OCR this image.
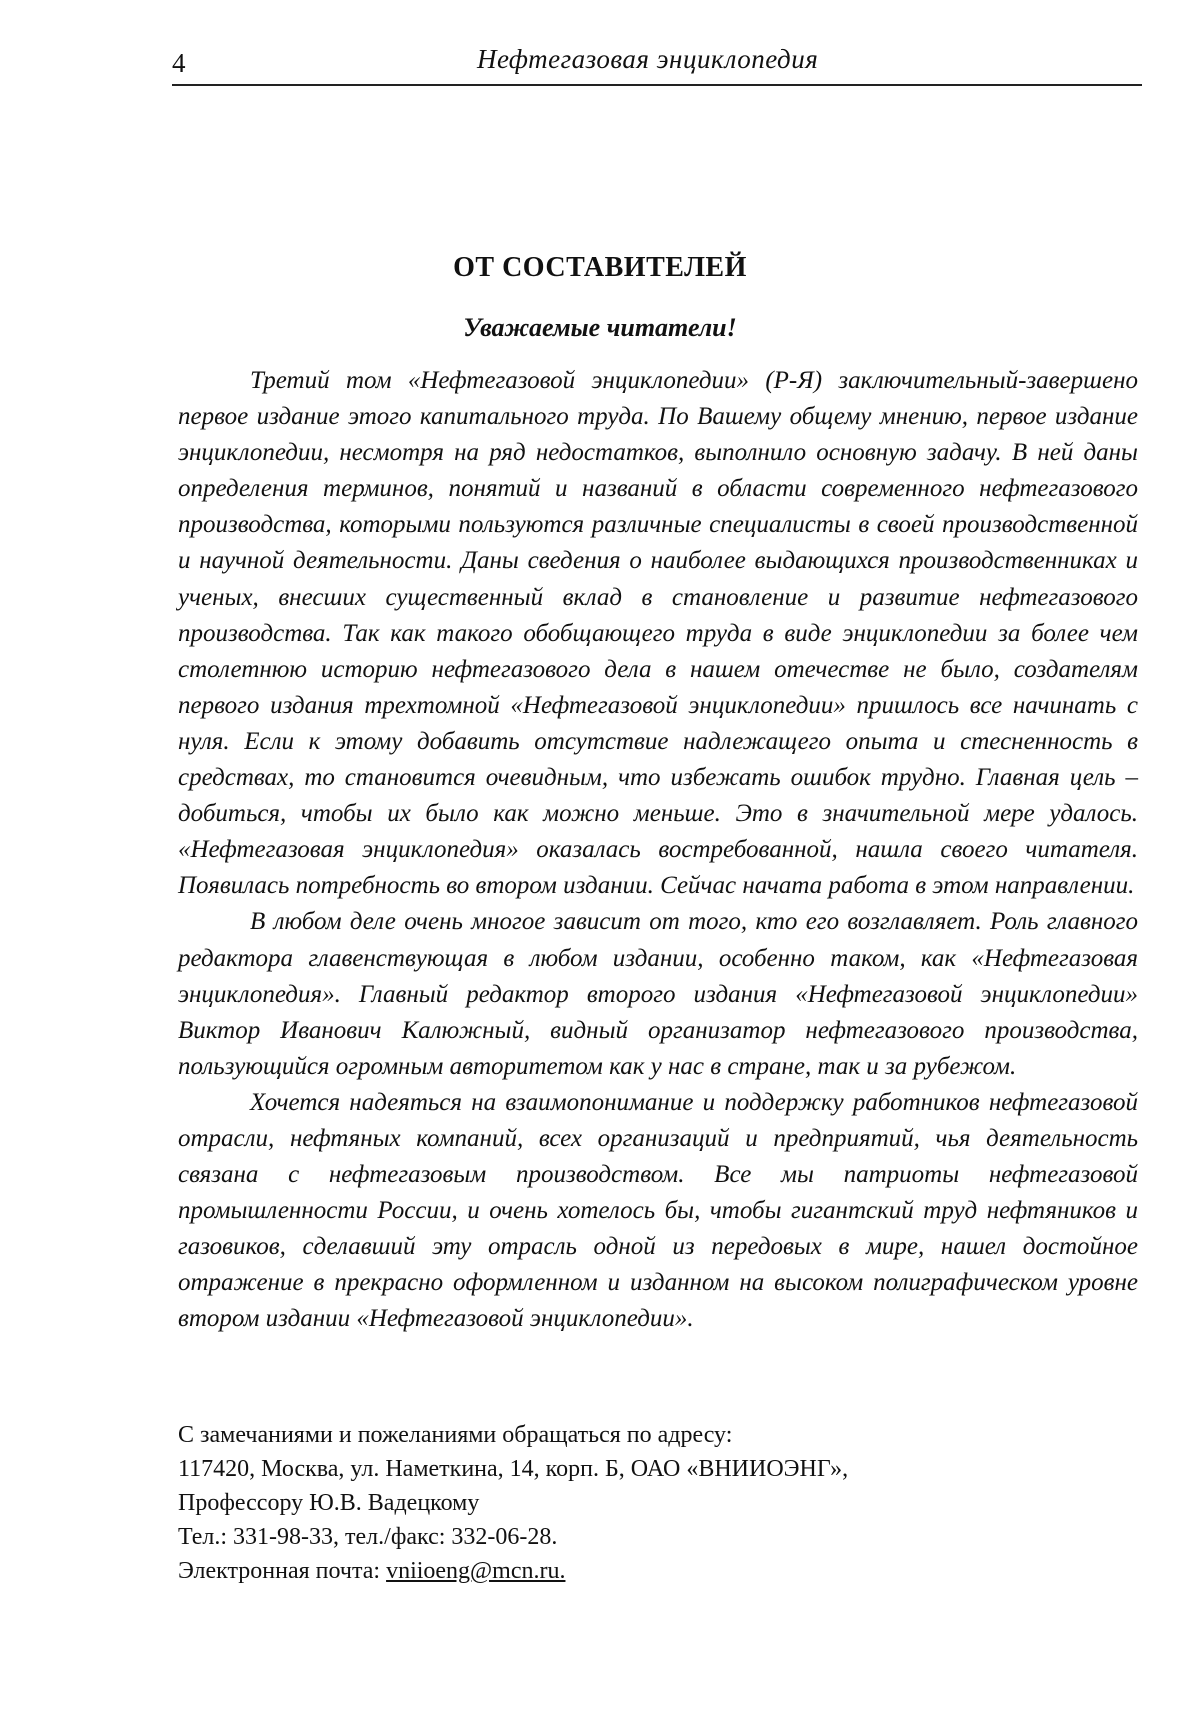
4	Нефтегазовая энциклопедия
ОТ СОСТАВИТЕЛЕЙ
Уважаемые читатели!

Третий том «Нефтегазовой энциклопедии» (Р-Я) заключительный-завершено первое издание этого капитального труда. По Вашему общему мнению, первое издание энциклопедии, несмотря на ряд недостатков, выполнило основную задачу. В ней даны определения терминов, понятий и названий в области современного нефтегазового производства, которыми пользуются различные специалисты в своей производственной и научной деятельности. Даны сведения о наиболее выдающихся производственниках и ученых, внесших существенный вклад в становление и развитие нефтегазового производства. Так как такого обобщающего труда в виде энциклопедии за более чем столетнюю историю нефтегазового дела в нашем отечестве не было, создателям первого издания трехтомной «Нефтегазовой энциклопедии» пришлось все начинать с нуля. Если к этому добавить отсутствие надлежащего опыта и стесненность в средствах, то становится очевидным, что избежать ошибок трудно. Главная цель – добиться, чтобы их было как можно меньше. Это в значительной мере удалось. «Нефтегазовая энциклопедия» оказалась востребованной, нашла своего читателя. Появилась потребность во втором издании. Сейчас начата работа в этом направлении.

В любом деле очень многое зависит от того, кто его возглавляет. Роль главного редактора главенствующая в любом издании, особенно таком, как «Нефтегазовая энциклопедия». Главный редактор второго издания «Нефтегазовой энциклопедии» Виктор Иванович Калюжный, видный организатор нефтегазового производства, пользующийся огромным авторитетом как у нас в стране, так и за рубежом.

Хочется надеяться на взаимопонимание и поддержку работников нефтегазовой отрасли, нефтяных компаний, всех организаций и предприятий, чья деятельность связана с нефтегазовым производством. Все мы патриоты нефтегазовой промышленности России, и очень хотелось бы, чтобы гигантский труд нефтяников и газовиков, сделавший эту отрасль одной из передовых в мире, нашел достойное отражение в прекрасно оформленном и изданном на высоком полиграфическом уровне втором издании «Нефтегазовой энциклопедии».

С замечаниями и пожеланиями обращаться по адресу:
117420, Москва, ул. Наметкина, 14, корп. Б, ОАО «ВНИИОЭНГ»,
Профессору Ю.В. Вадецкому
Тел.: 331-98-33, тел./факс: 332-06-28.
Электронная почта: vniioeng@mcn.ru.
